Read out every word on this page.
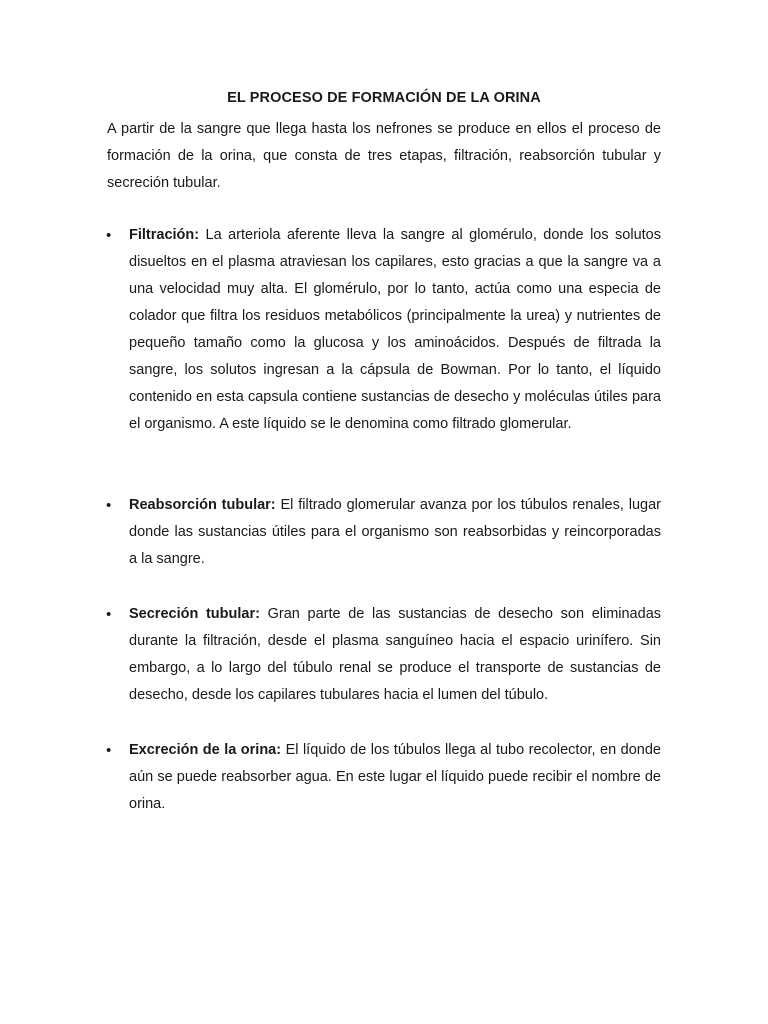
EL PROCESO DE FORMACIÓN DE LA ORINA
A partir de la sangre que llega hasta los nefrones se produce en ellos el proceso de formación de la orina, que consta de tres etapas, filtración, reabsorción tubular y secreción tubular.
• Filtración: La arteriola aferente lleva la sangre al glomérulo, donde los solutos disueltos en el plasma atraviesan los capilares, esto gracias a que la sangre va a una velocidad muy alta. El glomérulo, por lo tanto, actúa como una especia de colador que filtra los residuos metabólicos (principalmente la urea) y nutrientes de pequeño tamaño como la glucosa y los aminoácidos. Después de filtrada la sangre, los solutos ingresan a la cápsula de Bowman. Por lo tanto, el líquido contenido en esta capsula contiene sustancias de desecho y moléculas útiles para el organismo. A este líquido se le denomina como filtrado glomerular.
• Reabsorción tubular: El filtrado glomerular avanza por los túbulos renales, lugar donde las sustancias útiles para el organismo son reabsorbidas y reincorporadas a la sangre.
• Secreción tubular: Gran parte de las sustancias de desecho son eliminadas durante la filtración, desde el plasma sanguíneo hacia el espacio urinífero. Sin embargo, a lo largo del túbulo renal se produce el transporte de sustancias de desecho, desde los capilares tubulares hacia el lumen del túbulo.
• Excreción de la orina: El líquido de los túbulos llega al tubo recolector, en donde aún se puede reabsorber agua. En este lugar el líquido puede recibir el nombre de orina.
